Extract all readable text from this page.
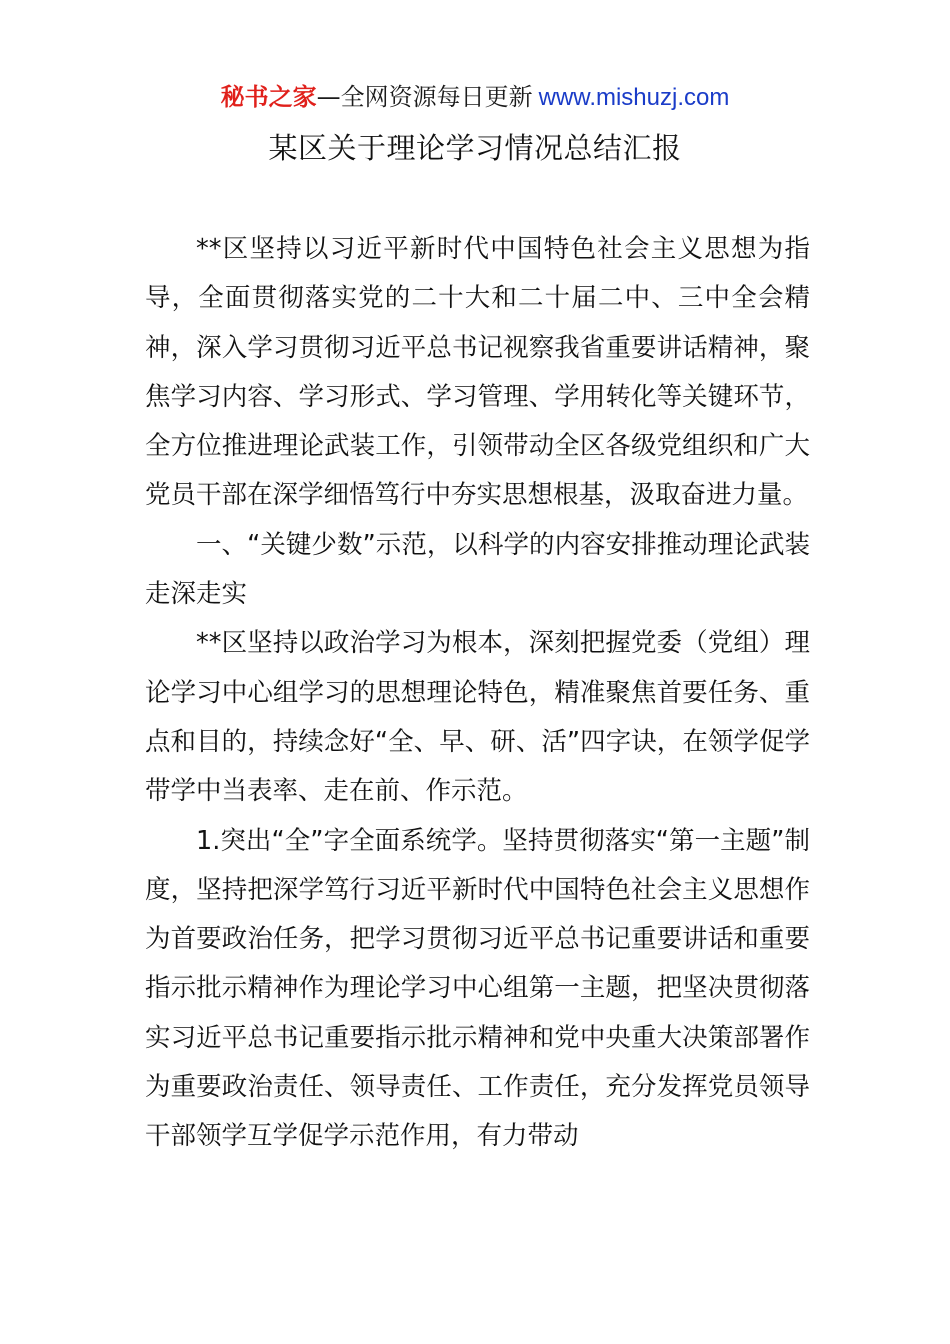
秘书之家—全网资源每日更新 www.mishuzj.com
某区关于理论学习情况总结汇报

**区坚持以习近平新时代中国特色社会主义思想为指导，全面贯彻落实党的二十大和二十届二中、三中全会精神，深入学习贯彻习近平总书记视察我省重要讲话精神，聚焦学习内容、学习形式、学习管理、学用转化等关键环节，全方位推进理论武装工作，引领带动全区各级党组织和广大党员干部在深学细悟笃行中夯实思想根基，汲取奋进力量。

一、“关键少数”示范，以科学的内容安排推动理论武装走深走实

**区坚持以政治学习为根本，深刻把握党委（党组）理论学习中心组学习的思想理论特色，精准聚焦首要任务、重点和目的，持续念好“全、早、研、活”四字诀，在领学促学带学中当表率、走在前、作示范。

1.突出“全”字全面系统学。坚持贯彻落实“第一主题”制度，坚持把深学笃行习近平新时代中国特色社会主义思想作为首要政治任务，把学习贯彻习近平总书记重要讲话和重要指示批示精神作为理论学习中心组第一主题，把坚决贯彻落实习近平总书记重要指示批示精神和党中央重大决策部署作为重要政治责任、领导责任、工作责任，充分发挥党员领导干部领学互学促学示范作用，有力带动
